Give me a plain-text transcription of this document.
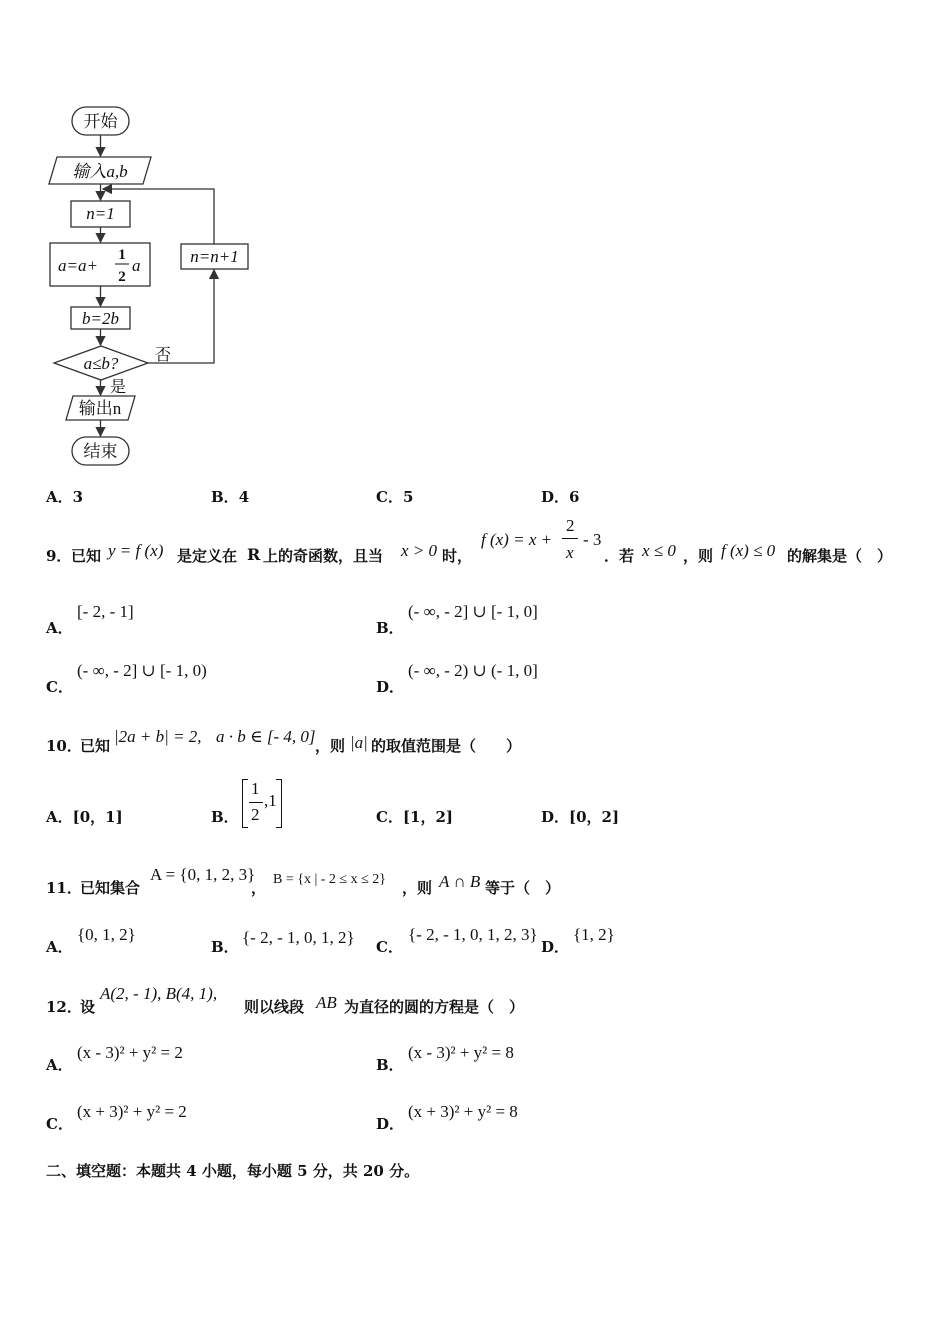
开始
输入a,b
n=1
a=a+
1
2
a
b=2b
a≤b? 否
是
n=n+1
输出n
结束
A．3	B．4	C．5	D．6
9． 已知 y = f (x) 是定义在 R 上的奇函数，且当 x > 0 时，
f (x) = x +
2
x
- 3
．若 x ≤ 0 ，则 f (x) ≤ 0 的解集是（　）
A．
[- 2, - 1]
B．
(- ∞, - 2] ∪ [- 1, 0]
C．
(- ∞, - 2] ∪ [- 1, 0)
D．
(- ∞, - 2) ∪ (- 1, 0]
10．
已知 |2a + b| = 2, a · b ∈ [- 4, 0] ，则 |a| 的取值范围是（　　）
A．[0，1]	B．
1
2
,1
C．[1，2]	D．[0，2]
11．
已知集合
A = {0, 1, 2, 3}
， B = {x | - 2 ≤ x ≤ 2} ，则 A ∩ B 等于（　）
A．
{0, 1, 2}
B． {- 2, - 1, 0, 1, 2} C．
{- 2, - 1, 0, 1, 2, 3}
D．
{1, 2}
12．
设
A(2, - 1), B(4, 1),
则以线段 AB 为直径的圆的方程是（　）
A．
(x - 3)² + y² = 2
B．
(x - 3)² + y² = 8
C．
(x + 3)² + y² = 2
D．
(x + 3)² + y² = 8
二、填空题：本题共 4 小题，每小题 5 分，共 20 分。
